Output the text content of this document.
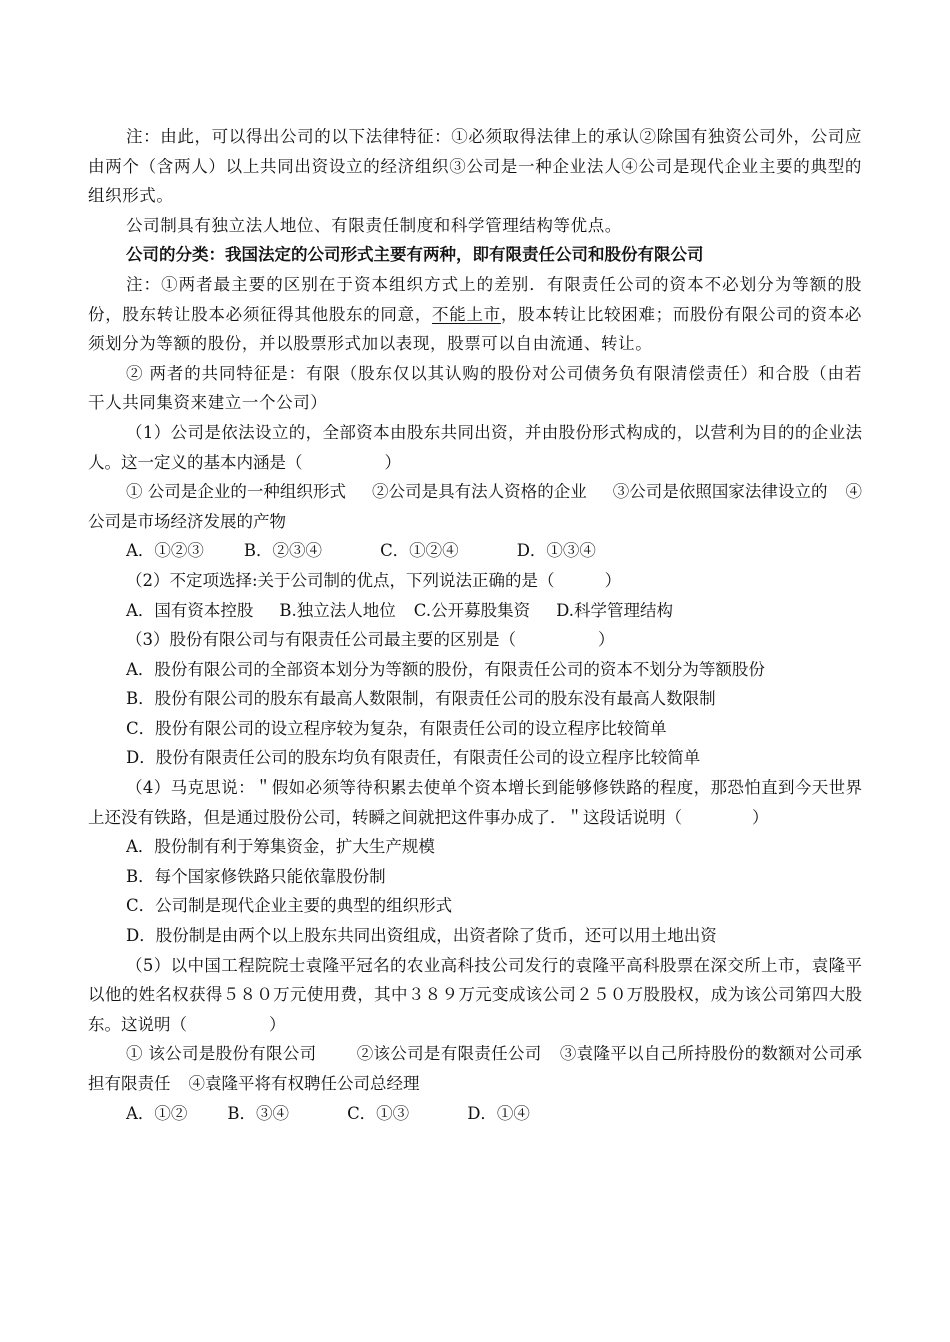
注：由此，可以得出公司的以下法律特征：①必须取得法律上的承认②除国有独资公司外，公司应由两个（含两人）以上共同出资设立的经济组织③公司是一种企业法人④公司是现代企业主要的典型的组织形式。

公司制具有独立法人地位、有限责任制度和科学管理结构等优点。

公司的分类：我国法定的公司形式主要有两种，即有限责任公司和股份有限公司

注：①两者最主要的区别在于资本组织方式上的差别．有限责任公司的资本不必划分为等额的股份，股东转让股本必须征得其他股东的同意，不能上市，股本转让比较困难；而股份有限公司的资本必须划分为等额的股份，并以股票形式加以表现，股票可以自由流通、转让。

② 两者的共同特征是：有限（股东仅以其认购的股份对公司债务负有限清偿责任）和合股（由若干人共同集资来建立一个公司）

（1）公司是依法设立的，全部资本由股东共同出资，并由股份形式构成的，以营利为目的的企业法人。这一定义的基本内涵是（	）

① 公司是企业的一种组织形式 ②公司是具有法人资格的企业 ③公司是依照国家法律设立的 ④公司是市场经济发展的产物

A．①②③ B．②③④	C．①②④	D．①③④

（2）不定项选择:关于公司制的优点，下列说法正确的是（	）

A．国有资本控股 B.独立法人地位 C.公开募股集资 D.科学管理结构

（3）股份有限公司与有限责任公司最主要的区别是（	）

A．股份有限公司的全部资本划分为等额的股份，有限责任公司的资本不划分为等额股份

B．股份有限公司的股东有最高人数限制，有限责任公司的股东没有最高人数限制

C．股份有限公司的设立程序较为复杂，有限责任公司的设立程序比较简单

D．股份有限责任公司的股东均负有限责任，有限责任公司的设立程序比较简单

（4）马克思说：＂假如必须等待积累去使单个资本增长到能够修铁路的程度，那恐怕直到今天世界上还没有铁路，但是通过股份公司，转瞬之间就把这件事办成了．＂这段话说明（	）

A．股份制有利于筹集资金，扩大生产规模

B．每个国家修铁路只能依靠股份制

C．公司制是现代企业主要的典型的组织形式

D．股份制是由两个以上股东共同出资组成，出资者除了货币，还可以用土地出资

（5）以中国工程院院士袁隆平冠名的农业高科技公司发行的袁隆平高科股票在深交所上市，袁隆平以他的姓名权获得５８０万元使用费，其中３８９万元变成该公司２５０万股股权，成为该公司第四大股东。这说明（	）

① 该公司是股份有限公司 ②该公司是有限责任公司 ③袁隆平以自己所持股份的数额对公司承担有限责任 ④袁隆平将有权聘任公司总经理

A．①② B．③④	C．①③	D．①④
